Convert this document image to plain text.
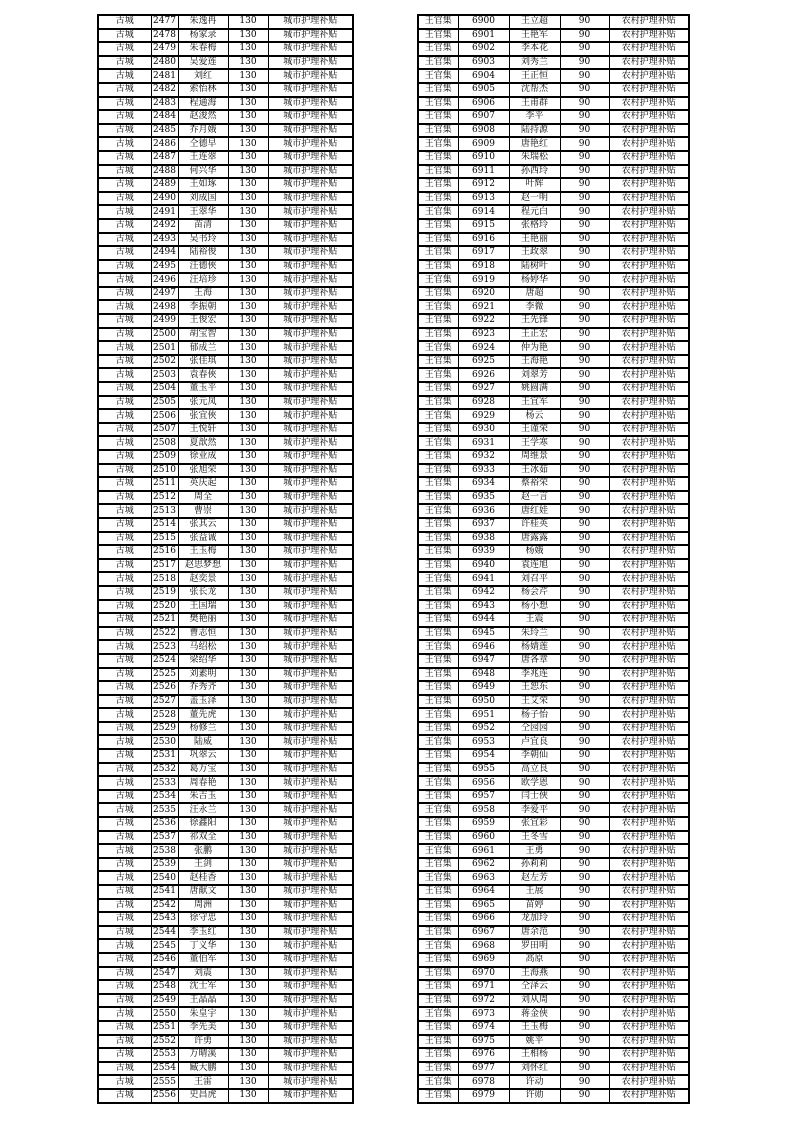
古城	2477	朱逸冉	130	城市护理补贴
古城	2478	杨家录	130	城市护理补贴
古城	2479	朱春梅	130	城市护理补贴
古城	2480	吴爱莲	130	城市护理补贴
古城	2481	刘红	130	城市护理补贴
古城	2482	索怡林	130	城市护理补贴
古城	2483	程通海	130	城市护理补贴
古城	2484	赵浚然	130	城市护理补贴
古城	2485	乔月娥	130	城市护理补贴
古城	2486	仝德早	130	城市护理补贴
古城	2487	王连翠	130	城市护理补贴
古城	2488	何兴华	130	城市护理补贴
古城	2489	王如琢	130	城市护理补贴
古城	2490	刘成国	130	城市护理补贴
古城	2491	王翠华	130	城市护理补贴
古城	2492	苗清	130	城市护理补贴
古城	2493	吴书玲	130	城市护理补贴
古城	2494	陆裕俊	130	城市护理补贴
古城	2495	汪德俠	130	城市护理补贴
古城	2496	汪培珍	130	城市护理补贴
古城	2497	王海	130	城市护理补贴
古城	2498	李振朝	130	城市护理补贴
古城	2499	王俊宏	130	城市护理补贴
古城	2500	胡宝智	130	城市护理补贴
古城	2501	郁成兰	130	城市护理补贴
古城	2502	张佳琪	130	城市护理补贴
古城	2503	袁春俠	130	城市护理补贴
古城	2504	董玉平	130	城市护理补贴
古城	2505	张元凤	130	城市护理补贴
古城	2506	张宜俠	130	城市护理补贴
古城	2507	王悦轩	130	城市护理补贴
古城	2508	夏歆然	130	城市护理补贴
古城	2509	徐业成	130	城市护理补贴
古城	2510	张旭荣	130	城市护理补贴
古城	2511	英庆起	130	城市护理补贴
古城	2512	周全	130	城市护理补贴
古城	2513	曹崇	130	城市护理补贴
古城	2514	张其云	130	城市护理补贴
古城	2515	张益诚	130	城市护理补贴
古城	2516	王玉梅	130	城市护理补贴
古城	2517	赵思梦想	130	城市护理补贴
古城	2518	赵奕景	130	城市护理补贴
古城	2519	张长龙	130	城市护理补贴
古城	2520	王国瑞	130	城市护理补贴
古城	2521	樊艳丽	130	城市护理补贴
古城	2522	曹志恒	130	城市护理补贴
古城	2523	马绍松	130	城市护理补贴
古城	2524	梁绍华	130	城市护理补贴
古城	2525	刘素明	130	城市护理补贴
古城	2526	乔秀齐	130	城市护理补贴
古城	2527	盖玉泽	130	城市护理补贴
古城	2528	董先虎	130	城市护理补贴
古城	2529	杨修兰	130	城市护理补贴
古城	2530	陆威	130	城市护理补贴
古城	2531	巩翠云	130	城市护理补贴
古城	2532	葛万宝	130	城市护理补贴
古城	2533	周春艳	130	城市护理补贴
古城	2534	朱吉玉	130	城市护理补贴
古城	2535	汪永兰	130	城市护理补贴
古城	2536	徐鑫阳	130	城市护理补贴
古城	2537	祁双全	130	城市护理补贴
古城	2538	张鹏	130	城市护理补贴
古城	2539	王剑	130	城市护理补贴
古城	2540	赵桂香	130	城市护理补贴
古城	2541	唐献文	130	城市护理补贴
古城	2542	周洲	130	城市护理补贴
古城	2543	徐守忠	130	城市护理补贴
古城	2544	李玉红	130	城市护理补贴
古城	2545	丁义华	130	城市护理补贴
古城	2546	董伯军	130	城市护理补贴
古城	2547	刘震	130	城市护理补贴
古城	2548	沈士军	130	城市护理补贴
古城	2549	王晶晶	130	城市护理补贴
古城	2550	朱皇宇	130	城市护理补贴
古城	2551	李先美	130	城市护理补贴
古城	2552	许勇	130	城市护理补贴
古城	2553	万晴溪	130	城市护理补贴
古城	2554	臧大鹏	130	城市护理补贴
古城	2555	王雷	130	城市护理补贴
古城	2556	史昌虎	130	城市护理补贴
王官集	6900	王立超	90	农村护理补贴
王官集	6901	王艳军	90	农村护理补贴
王官集	6902	李本花	90	农村护理补贴
王官集	6903	刘秀兰	90	农村护理补贴
王官集	6904	王正恒	90	农村护理补贴
王官集	6905	沈帮杰	90	农村护理补贴
王官集	6906	王甫群	90	农村护理补贴
王官集	6907	李平	90	农村护理补贴
王官集	6908	陆持源	90	农村护理补贴
王官集	6909	唐艳红	90	农村护理补贴
王官集	6910	朱瑞松	90	农村护理补贴
王官集	6911	孙西玲	90	农村护理补贴
王官集	6912	叶辉	90	农村护理补贴
王官集	6913	赵一明	90	农村护理补贴
王官集	6914	程元白	90	农村护理补贴
王官集	6915	张格玲	90	农村护理补贴
王官集	6916	王艳丽	90	农村护理补贴
王官集	6917	王政翠	90	农村护理补贴
王官集	6918	陆树叶	90	农村护理补贴
王官集	6919	杨婷华	90	农村护理补贴
王官集	6920	唐超	90	农村护理补贴
王官集	6921	李微	90	农村护理补贴
王官集	6922	王先锋	90	农村护理补贴
王官集	6923	王正宏	90	农村护理补贴
王官集	6924	仲为艳	90	农村护理补贴
王官集	6925	王海艳	90	农村护理补贴
王官集	6926	刘翠芳	90	农村护理补贴
王官集	6927	姚圆满	90	农村护理补贴
王官集	6928	王宜军	90	农村护理补贴
王官集	6929	杨云	90	农村护理补贴
王官集	6930	王谨荣	90	农村护理补贴
王官集	6931	王学寒	90	农村护理补贴
王官集	6932	周维景	90	农村护理补贴
王官集	6933	王冰茹	90	农村护理补贴
王官集	6934	蔡裕荣	90	农村护理补贴
王官集	6935	赵一言	90	农村护理补贴
王官集	6936	唐红娃	90	农村护理补贴
王官集	6937	许桂英	90	农村护理补贴
王官集	6938	唐露露	90	农村护理补贴
王官集	6939	杨娥	90	农村护理补贴
王官集	6940	袁连旭	90	农村护理补贴
王官集	6941	刘召平	90	农村护理补贴
王官集	6942	杨会芹	90	农村护理补贴
王官集	6943	杨小想	90	农村护理补贴
王官集	6944	王震	90	农村护理补贴
王官集	6945	朱玲兰	90	农村护理补贴
王官集	6946	杨婧莲	90	农村护理补贴
王官集	6947	唐各章	90	农村护理补贴
王官集	6948	李兆连	90	农村护理补贴
王官集	6949	王恕东	90	农村护理补贴
王官集	6950	王艾荣	90	农村护理补贴
王官集	6951	杨子怡	90	农村护理补贴
王官集	6952	仝园园	90	农村护理补贴
王官集	6953	卢宜良	90	农村护理补贴
王官集	6954	李朝仙	90	农村护理补贴
王官集	6955	高立良	90	农村护理补贴
王官集	6956	欧学恩	90	农村护理补贴
王官集	6957	闫士俠	90	农村护理补贴
王官集	6958	李爱平	90	农村护理补贴
王官集	6959	张宜彩	90	农村护理补贴
王官集	6960	王冬雪	90	农村护理补贴
王官集	6961	王勇	90	农村护理补贴
王官集	6962	孙莉莉	90	农村护理补贴
王官集	6963	赵左芳	90	农村护理补贴
王官集	6964	王展	90	农村护理补贴
王官集	6965	苗婷	90	农村护理补贴
王官集	6966	龙加玲	90	农村护理补贴
王官集	6967	唐余范	90	农村护理补贴
王官集	6968	罗田明	90	农村护理补贴
王官集	6969	高原	90	农村护理补贴
王官集	6970	王海燕	90	农村护理补贴
王官集	6971	仝泽云	90	农村护理补贴
王官集	6972	刘从周	90	农村护理补贴
王官集	6973	蒋金俠	90	农村护理补贴
王官集	6974	王玉梅	90	农村护理补贴
王官集	6975	姚平	90	农村护理补贴
王官集	6976	王相杨	90	农村护理补贴
王官集	6977	刘怀红	90	农村护理补贴
王官集	6978	许动	90	农村护理补贴
王官集	6979	许勋	90	农村护理补贴
